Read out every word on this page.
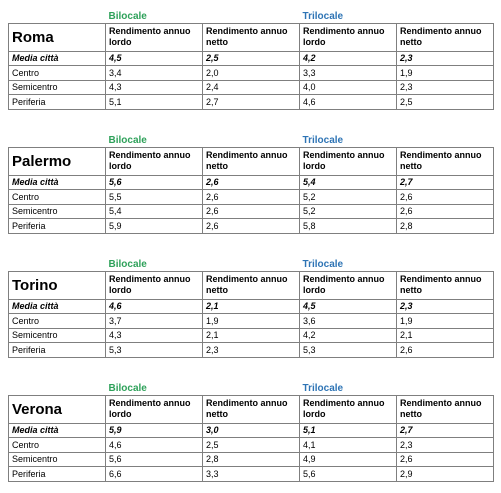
	Bilocale		Trilocale	
Roma	Rendimento annuo lordo	Rendimento annuo netto	Rendimento annuo lordo	Rendimento annuo netto
Media città	4,5	2,5	4,2	2,3
Centro	3,4	2,0	3,3	1,9
Semicentro	4,3	2,4	4,0	2,3
Periferia	5,1	2,7	4,6	2,5
	Bilocale		Trilocale	
Palermo	Rendimento annuo lordo	Rendimento annuo netto	Rendimento annuo lordo	Rendimento annuo netto
Media città	5,6	2,6	5,4	2,7
Centro	5,5	2,6	5,2	2,6
Semicentro	5,4	2,6	5,2	2,6
Periferia	5,9	2,6	5,8	2,8
	Bilocale		Trilocale	
Torino	Rendimento annuo lordo	Rendimento annuo netto	Rendimento annuo lordo	Rendimento annuo netto
Media città	4,6	2,1	4,5	2,3
Centro	3,7	1,9	3,6	1,9
Semicentro	4,3	2,1	4,2	2,1
Periferia	5,3	2,3	5,3	2,6
	Bilocale		Trilocale	
Verona	Rendimento annuo lordo	Rendimento annuo netto	Rendimento annuo lordo	Rendimento annuo netto
Media città	5,9	3,0	5,1	2,7
Centro	4,6	2,5	4,1	2,3
Semicentro	5,6	2,8	4,9	2,6
Periferia	6,6	3,3	5,6	2,9
